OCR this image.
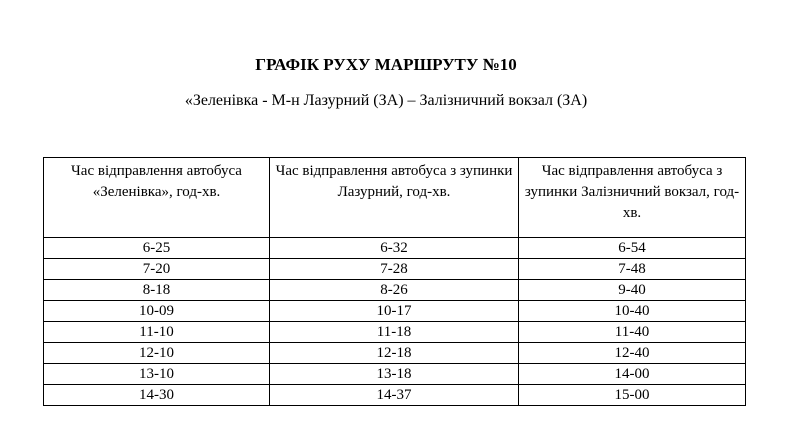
ГРАФІК РУХУ МАРШРУТУ №10
«Зеленівка - М-н Лазурний (ЗА) – Залізничний вокзал (ЗА)
Час відправлення автобуса «Зеленівка», год-хв.	Час відправлення автобуса з зупинки Лазурний, год-хв.	Час відправлення автобуса з зупинки Залізничний вокзал, год-хв.
6-25	6-32	6-54
7-20	7-28	7-48
8-18	8-26	9-40
10-09	10-17	10-40
11-10	11-18	11-40
12-10	12-18	12-40
13-10	13-18	14-00
14-30	14-37	15-00
